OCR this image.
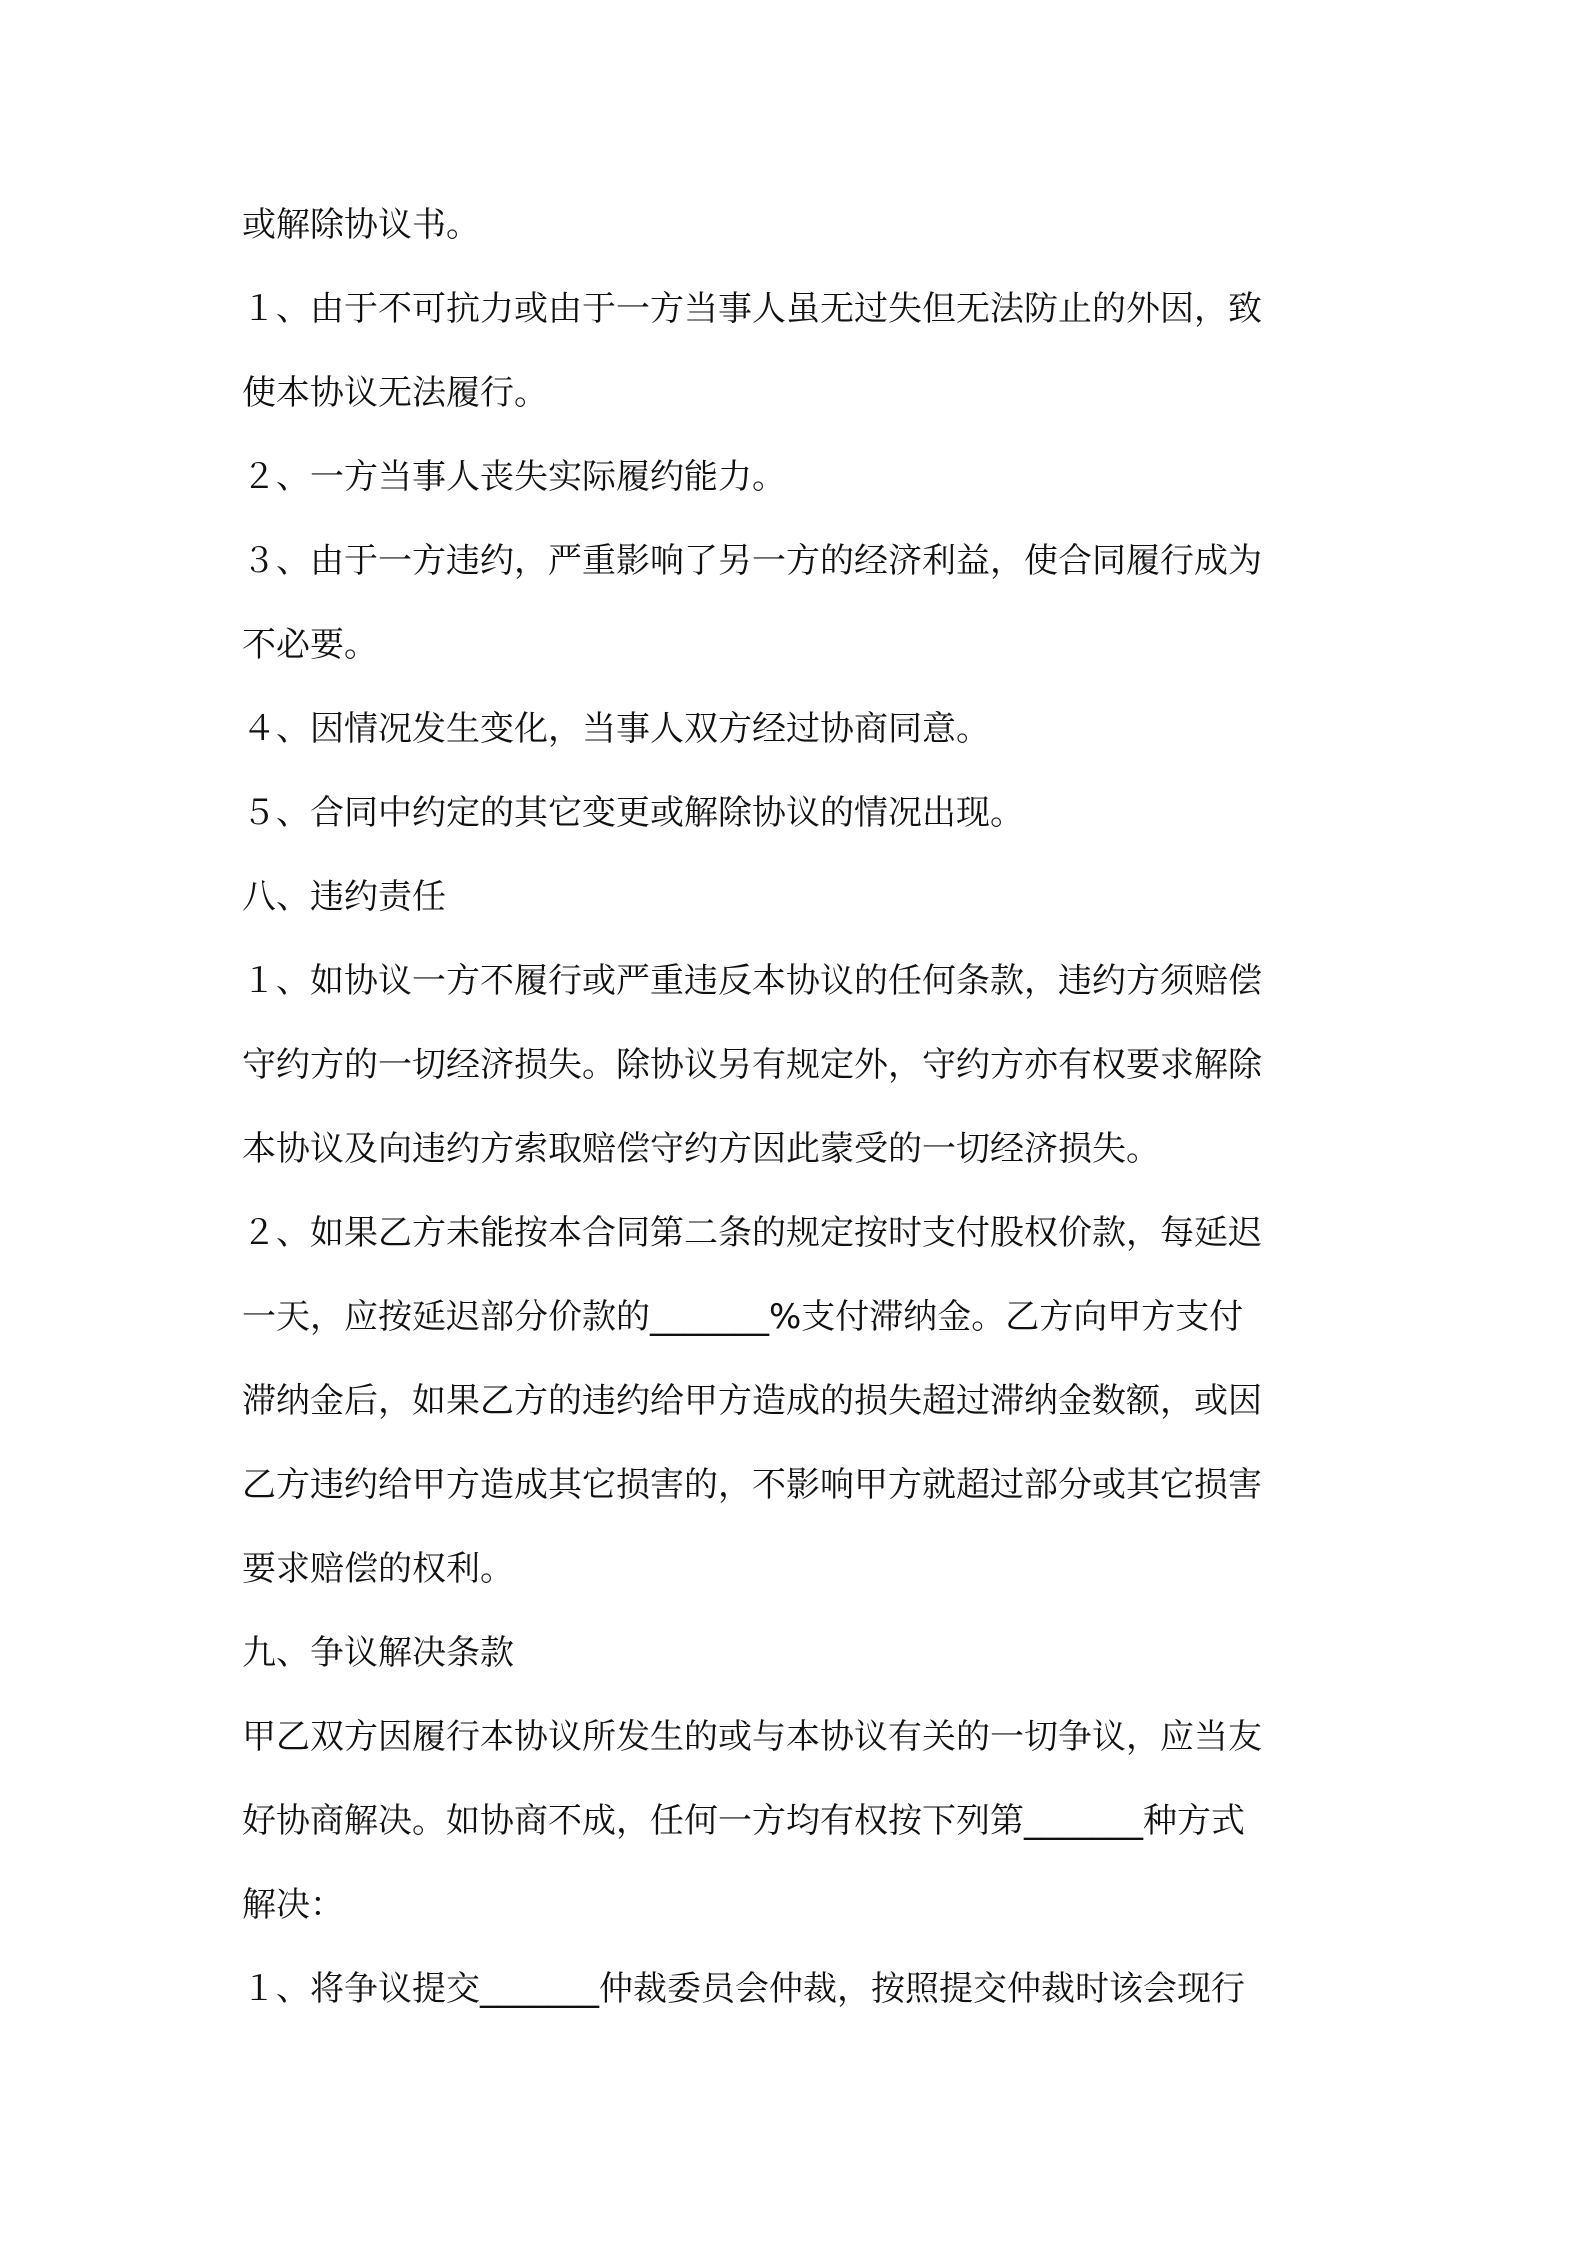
或解除协议书。
１、由于不可抗力或由于一方当事人虽无过失但无法防止的外因，致
使本协议无法履行。
２、一方当事人丧失实际履约能力。
３、由于一方违约，严重影响了另一方的经济利益，使合同履行成为
不必要。
４、因情况发生变化，当事人双方经过协商同意。
５、合同中约定的其它变更或解除协议的情况出现。
八、违约责任
１、如协议一方不履行或严重违反本协议的任何条款，违约方须赔偿
守约方的一切经济损失。除协议另有规定外，守约方亦有权要求解除
本协议及向违约方索取赔偿守约方因此蒙受的一切经济损失。
２、如果乙方未能按本合同第二条的规定按时支付股权价款，每延迟
一天，应按延迟部分价款的_______%支付滞纳金。乙方向甲方支付
滞纳金后，如果乙方的违约给甲方造成的损失超过滞纳金数额，或因
乙方违约给甲方造成其它损害的，不影响甲方就超过部分或其它损害
要求赔偿的权利。
九、争议解决条款
甲乙双方因履行本协议所发生的或与本协议有关的一切争议，应当友
好协商解决。如协商不成，任何一方均有权按下列第_______种方式
解决：
１、将争议提交_______仲裁委员会仲裁，按照提交仲裁时该会现行
